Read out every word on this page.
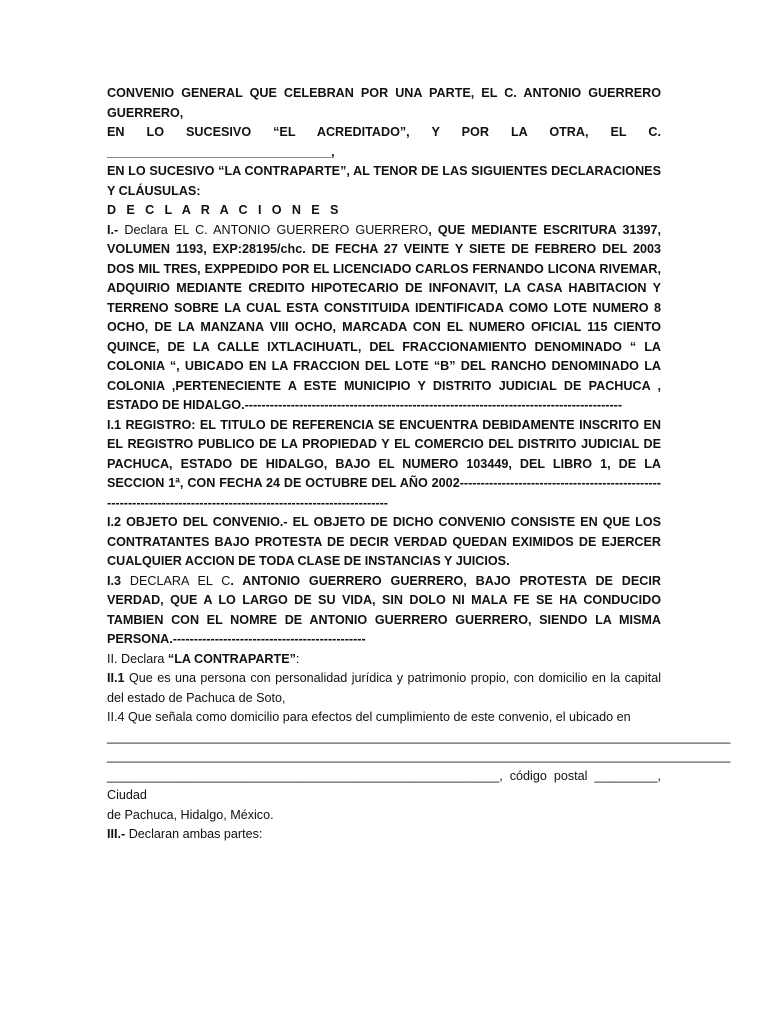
CONVENIO GENERAL QUE CELEBRAN POR UNA PARTE, EL C. ANTONIO GUERRERO GUERRERO,

EN LO SUCESIVO “EL ACREDITADO”, Y POR LA OTRA, EL C. ________________________________,

EN LO SUCESIVO “LA CONTRAPARTE”, AL TENOR DE LAS SIGUIENTES DECLARACIONES Y CLÁUSULAS:

D E C L A R A C I O N E S

I.- Declara EL C. ANTONIO GUERRERO GUERRERO, QUE MEDIANTE ESCRITURA 31397, VOLUMEN 1193, EXP:28195/chc. DE FECHA 27 VEINTE Y SIETE DE FEBRERO DEL 2003 DOS MIL TRES, EXPPEDIDO POR EL LICENCIADO CARLOS FERNANDO LICONA RIVEMAR, ADQUIRIO MEDIANTE CREDITO HIPOTECARIO DE INFONAVIT, LA CASA HABITACION Y TERRENO SOBRE LA CUAL ESTA CONSTITUIDA IDENTIFICADA COMO LOTE NUMERO 8 OCHO, DE LA MANZANA VIII OCHO, MARCADA CON EL NUMERO OFICIAL 115 CIENTO QUINCE, DE LA CALLE IXTLACIHUATL, DEL FRACCIONAMIENTO DENOMINADO “ LA COLONIA “, UBICADO EN LA FRACCION DEL LOTE “B” DEL RANCHO DENOMINADO LA COLONIA ,PERTENECIENTE A ESTE MUNICIPIO Y DISTRITO JUDICIAL DE PACHUCA , ESTADO DE HIDALGO.------------------------------------------------------------------------------------------

I.1 REGISTRO: EL TITULO DE REFERENCIA SE ENCUENTRA DEBIDAMENTE INSCRITO EN EL REGISTRO PUBLICO DE LA PROPIEDAD Y EL COMERCIO DEL DISTRITO JUDICIAL DE PACHUCA, ESTADO DE HIDALGO, BAJO EL NUMERO 103449, DEL LIBRO 1, DE LA SECCION 1ª, CON FECHA 24 DE OCTUBRE DEL AÑO 2002-------------------------------------------------------------------------------------------------------------------

I.2 OBJETO DEL CONVENIO.- EL OBJETO DE DICHO CONVENIO CONSISTE EN QUE LOS CONTRATANTES BAJO PROTESTA DE DECIR VERDAD QUEDAN EXIMIDOS DE EJERCER CUALQUIER ACCION DE TODA CLASE DE INSTANCIAS Y JUICIOS.

I.3 DECLARA EL C. ANTONIO GUERRERO GUERRERO, BAJO PROTESTA DE DECIR VERDAD, QUE A LO LARGO DE SU VIDA, SIN DOLO NI MALA FE SE HA CONDUCIDO TAMBIEN CON EL NOMRE DE ANTONIO GUERRERO GUERRERO, SIENDO LA MISMA PERSONA.----------------------------------------------

II. Declara “LA CONTRAPARTE”:

II.1 Que es una persona con personalidad jurídica y patrimonio propio, con domicilio en la capital del estado de Pachuca de Soto,

II.4 Que señala como domicilio para efectos del cumplimiento de este convenio, el ubicado en

_________________________________________________________________________________________

_________________________________________________________________________________________

________________________________________________________, código postal _________, Ciudad

de Pachuca, Hidalgo, México.

III.- Declaran ambas partes:
